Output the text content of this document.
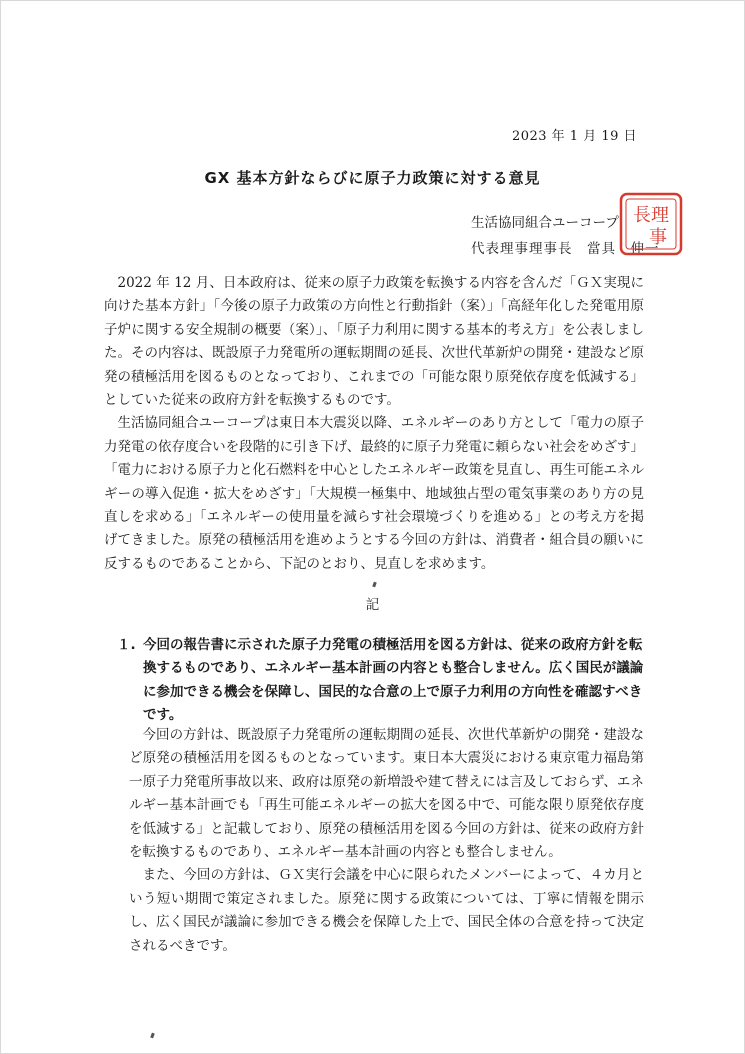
2023 年 1 月 19 日
GX 基本方針ならびに原子力政策に対する意見
生活協同組合ユーコープ
代表理事理事長　當具　伸一
長理
事

2022 年 12 月、日本政府は、従来の原子力政策を転換する内容を含んだ「ＧＸ実現に向けた基本方針」「今後の原子力政策の方向性と行動指針（案）」「高経年化した発電用原子炉に関する安全規制の概要（案）」、「原子力利用に関する基本的考え方」を公表しました。その内容は、既設原子力発電所の運転期間の延長、次世代革新炉の開発・建設など原発の積極活用を図るものとなっており、これまでの「可能な限り原発依存度を低減する」としていた従来の政府方針を転換するものです。

生活協同組合ユーコープは東日本大震災以降、エネルギーのあり方として「電力の原子力発電の依存度合いを段階的に引き下げ、最終的に原子力発電に頼らない社会をめざす」「電力における原子力と化石燃料を中心としたエネルギー政策を見直し、再生可能エネルギーの導入促進・拡大をめざす」「大規模一極集中、地域独占型の電気事業のあり方の見直しを求める」「エネルギーの使用量を減らす社会環境づくりを進める」との考え方を掲げてきました。原発の積極活用を進めようとする今回の方針は、消費者・組合員の願いに反するものであることから、下記のとおり、見直しを求めます。

記
１. 今回の報告書に示された原子力発電の積極活用を図る方針は、従来の政府方針を転換するものであり、エネルギー基本計画の内容とも整合しません。広く国民が議論に参加できる機会を保障し、国民的な合意の上で原子力利用の方向性を確認すべきです。

今回の方針は、既設原子力発電所の運転期間の延長、次世代革新炉の開発・建設など原発の積極活用を図るものとなっています。東日本大震災における東京電力福島第一原子力発電所事故以来、政府は原発の新増設や建て替えには言及しておらず、エネルギー基本計画でも「再生可能エネルギーの拡大を図る中で、可能な限り原発依存度を低減する」と記載しており、原発の積極活用を図る今回の方針は、従来の政府方針を転換するものであり、エネルギー基本計画の内容とも整合しません。

また、今回の方針は、ＧＸ実行会議を中心に限られたメンバーによって、４カ月という短い期間で策定されました。原発に関する政策については、丁寧に情報を開示し、広く国民が議論に参加できる機会を保障した上で、国民全体の合意を持って決定されるべきです。
